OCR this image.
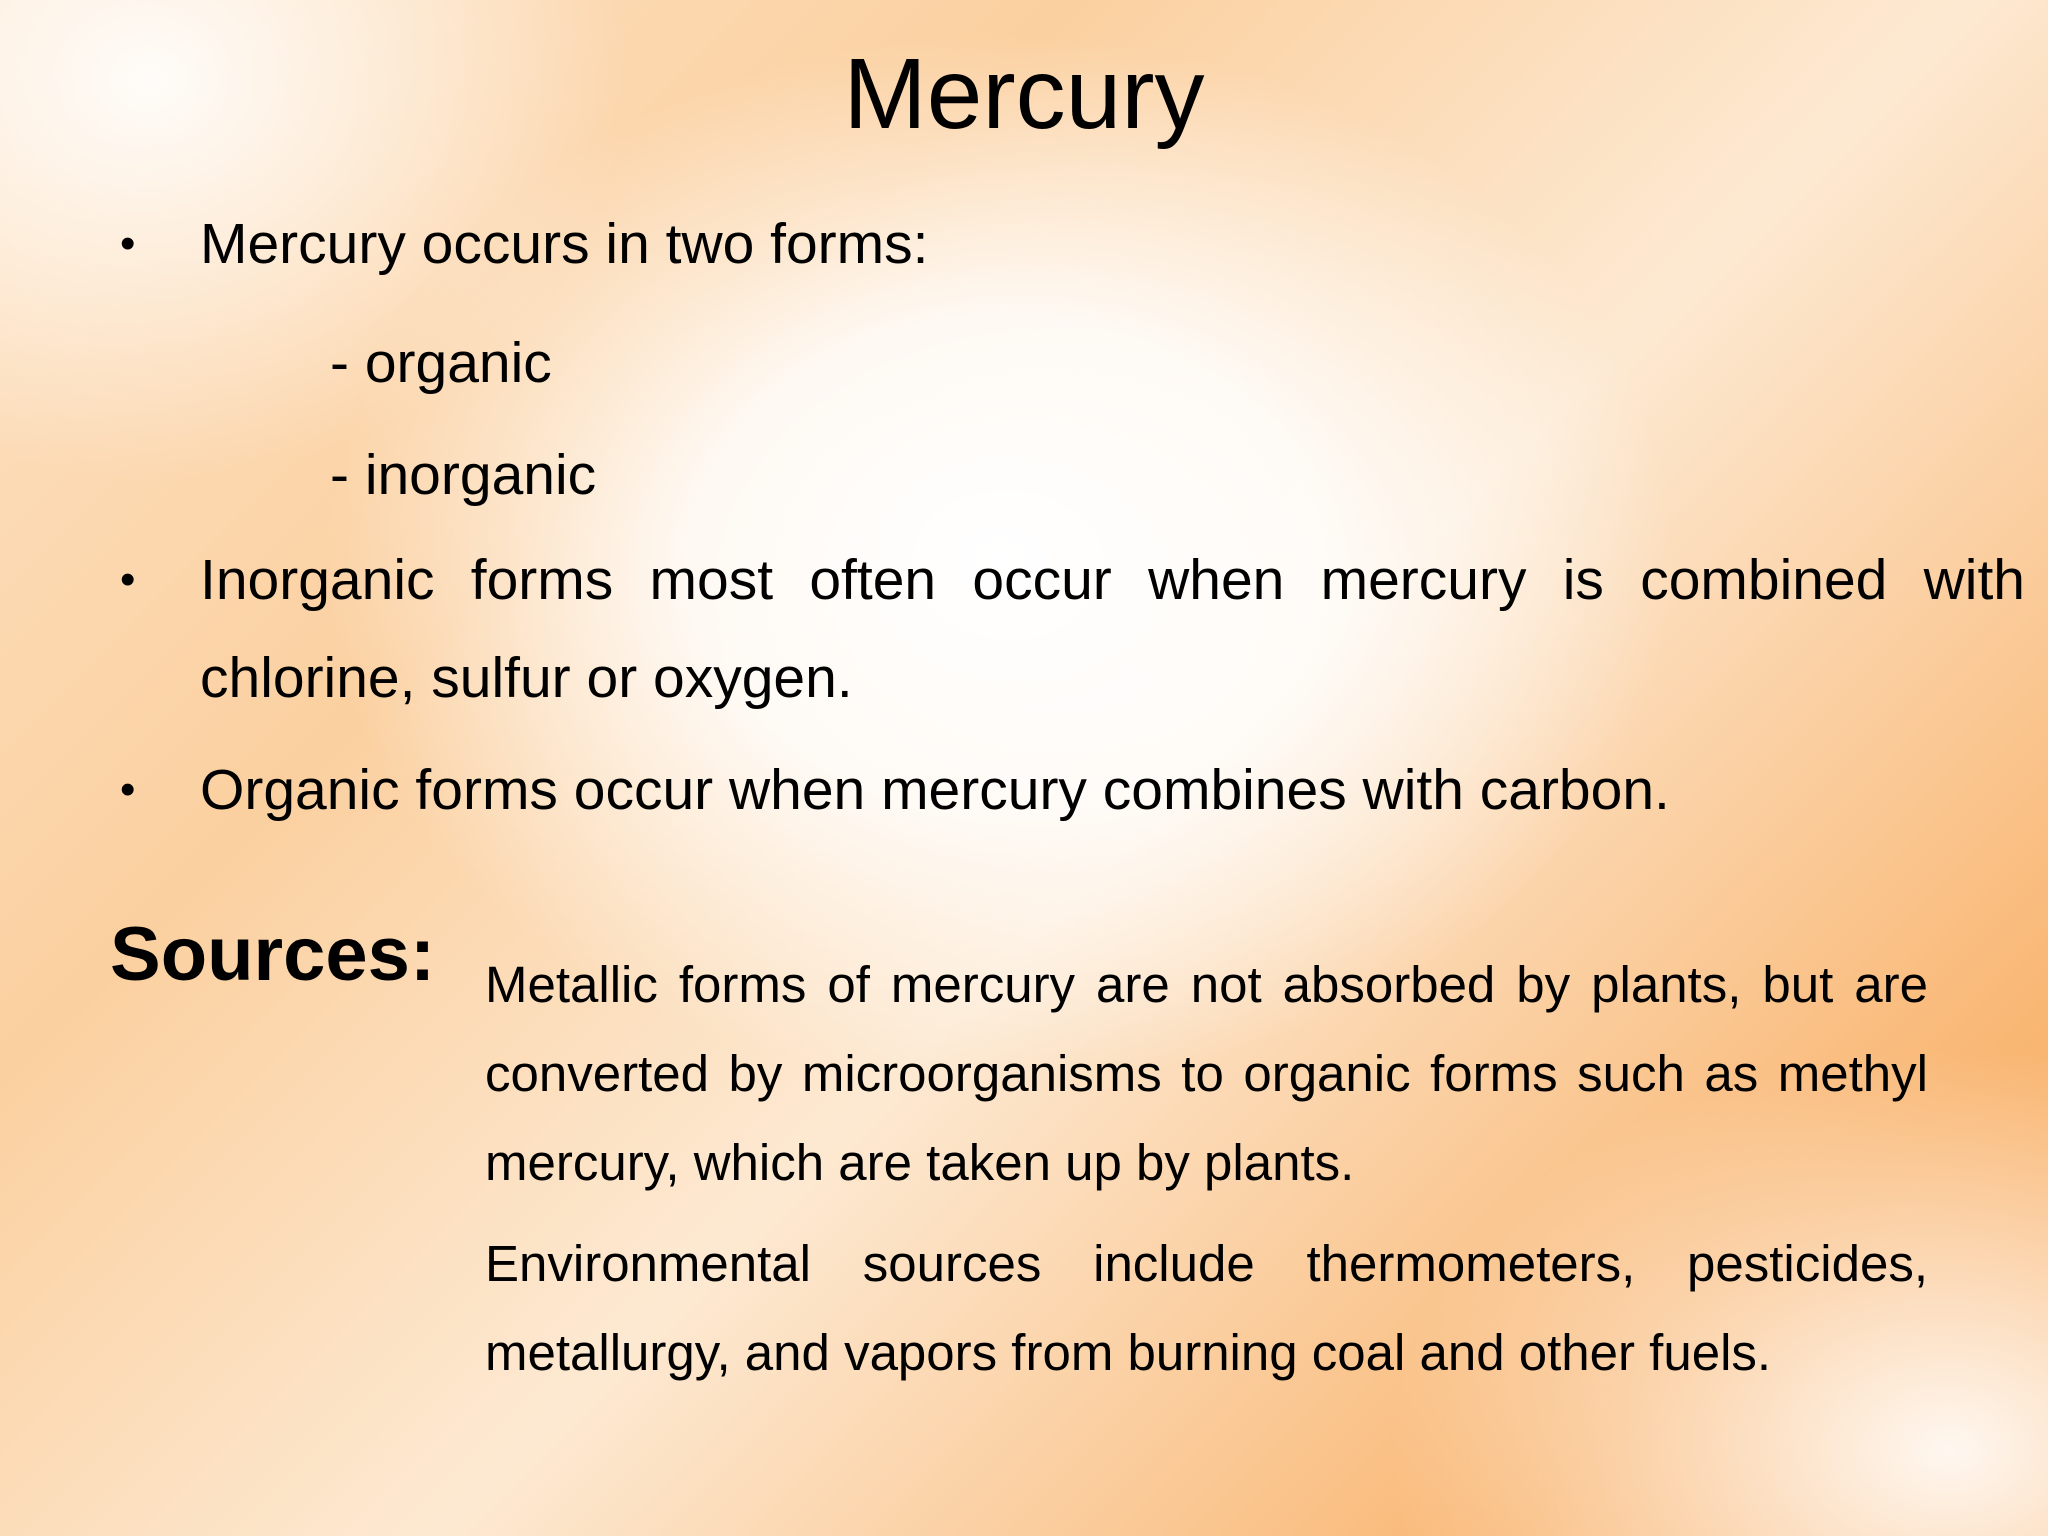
Mercury
• Mercury occurs in two forms:
- organic
- inorganic
• Inorganic forms most often occur when mercury is combined with chlorine, sulfur or oxygen.
• Organic forms occur when mercury combines with carbon.
Sources: Metallic forms of mercury are not absorbed by plants, but are converted by microorganisms to organic forms such as methyl mercury, which are taken up by plants.

Environmental sources include thermometers, pesticides, metallurgy, and vapors from burning coal and other fuels.
